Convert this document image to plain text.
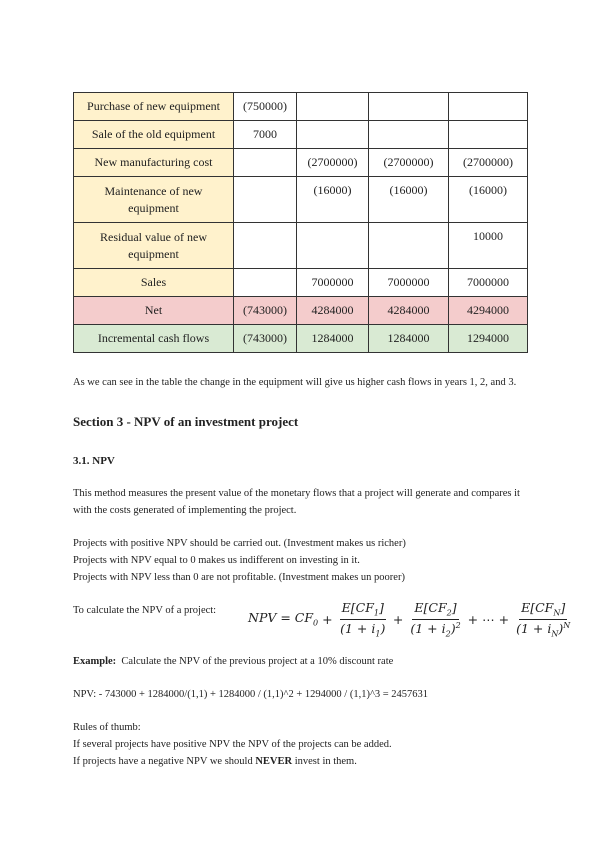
Purchase of new equipment	(750000)			
Sale of the old equipment	7000			
New manufacturing cost		(2700000)	(2700000)	(2700000)
Maintenance of new equipment		(16000)	(16000)	(16000)
Residual value of new equipment				10000
Sales		7000000	7000000	7000000
Net	(743000)	4284000	4284000	4294000
Incremental cash flows	(743000)	1284000	1284000	1294000

As we can see in the table the change in the equipment will give us higher cash flows in years 1, 2, and 3.

Section 3 - NPV of an investment project

3.1. NPV

This method measures the present value of the monetary flows that a project will generate and compares it

with the costs generated of implementing the project.

Projects with positive NPV should be carried out. (Investment makes us richer)

Projects with NPV equal to 0 makes us indifferent on investing in it.

Projects with NPV less than 0 are not profitable. (Investment makes un poorer)

To calculate the NPV of a project:	NPV = $CF_0 + \frac{E[CF_1]}{(1 + i_1)} + \frac{E[CF_2]}{(1 + i_2)^2}$ + ⋯ + $\frac{E[CF_N]}{(1 + i_N)^N}$

Example: Calculate the NPV of the previous project at a 10% discount rate

NPV: - 743000 + 1284000/(1,1) + 1284000 / (1,1)^2 + 1294000 / (1,1)^3 = 2457631

Rules of thumb:

If several projects have positive NPV the NPV of the projects can be added.

If projects have a negative NPV we should NEVER invest in them.
